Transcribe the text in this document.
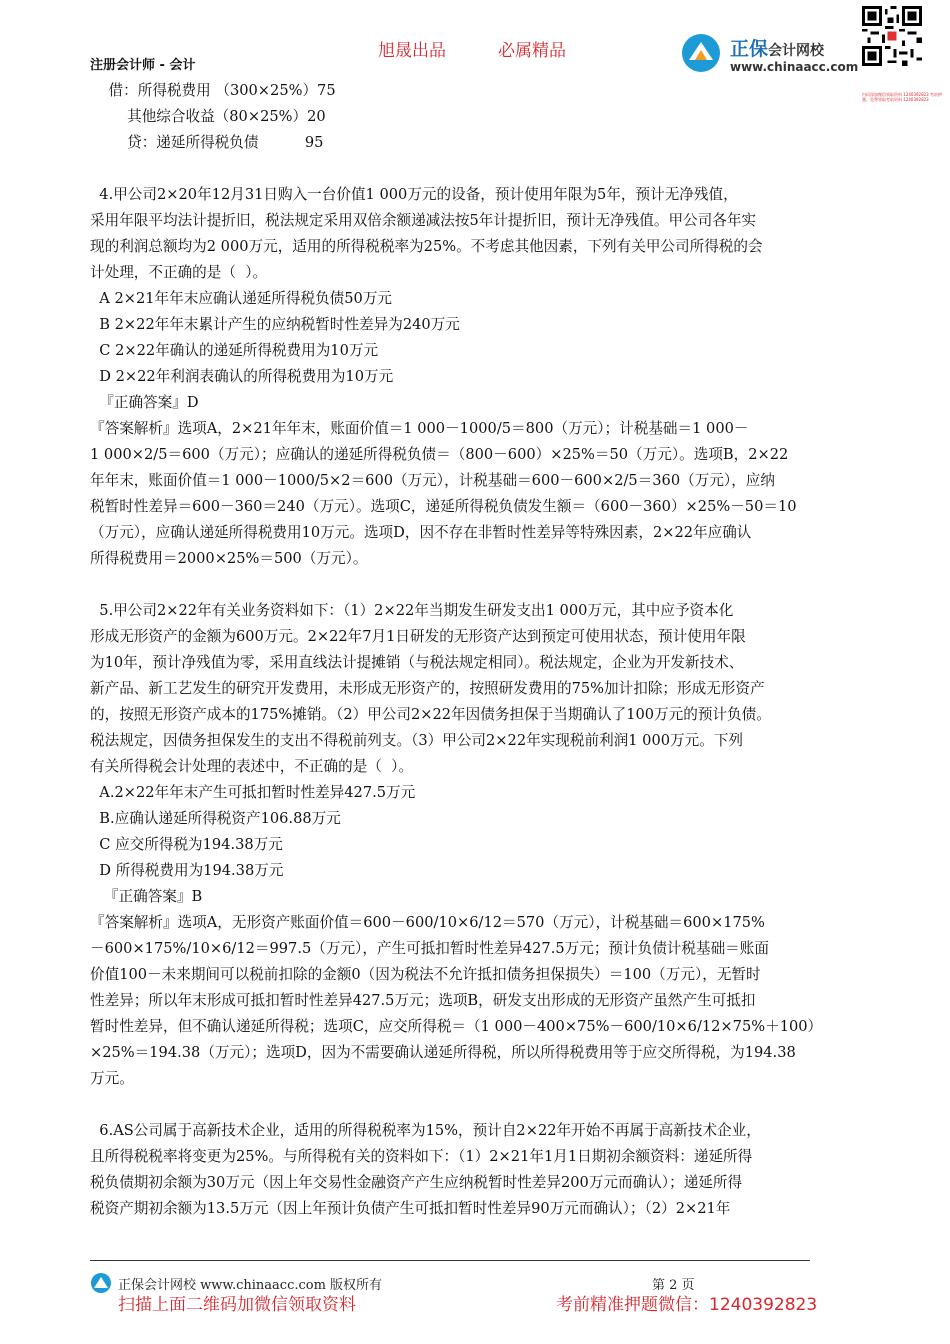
旭晟出品	必属精品
注册会计师 - 会计
正保会计网校
www.chinaacc.com
扫码添加微信领取资料 1240392823 考前押题，免费领取考前资料 1240392823
借：所得税费用 （300×25%）75
其他综合收益（80×25%）20
贷：递延所得税负债          95
4.甲公司2×20年12月31日购入一台价值1 000万元的设备，预计使用年限为5年，预计无净残值，
采用年限平均法计提折旧，税法规定采用双倍余额递减法按5年计提折旧，预计无净残值。甲公司各年实
现的利润总额均为2 000万元，适用的所得税税率为25%。不考虑其他因素，下列有关甲公司所得税的会
计处理，不正确的是（  ）。
A 2×21年年末应确认递延所得税负债50万元
B 2×22年年末累计产生的应纳税暂时性差异为240万元
C 2×22年确认的递延所得税费用为10万元
D 2×22年利润表确认的所得税费用为10万元
『正确答案』D
『答案解析』选项A，2×21年年末，账面价值＝1 000－1000/5＝800（万元）；计税基础＝1 000－
1 000×2/5＝600（万元）；应确认的递延所得税负债＝（800－600）×25%＝50（万元）。选项B，2×22
年年末，账面价值＝1 000－1000/5×2＝600（万元），计税基础＝600－600×2/5＝360（万元），应纳
税暂时性差异＝600－360＝240（万元）。选项C，递延所得税负债发生额＝（600－360）×25%－50＝10
（万元），应确认递延所得税费用10万元。选项D，因不存在非暂时性差异等特殊因素，2×22年应确认
所得税费用＝2000×25%＝500（万元）。
5.甲公司2×22年有关业务资料如下：（1）2×22年当期发生研发支出1 000万元，其中应予资本化
形成无形资产的金额为600万元。2×22年7月1日研发的无形资产达到预定可使用状态，预计使用年限
为10年，预计净残值为零，采用直线法计提摊销（与税法规定相同）。税法规定，企业为开发新技术、
新产品、新工艺发生的研究开发费用，未形成无形资产的，按照研发费用的75%加计扣除；形成无形资产
的，按照无形资产成本的175%摊销。（2）甲公司2×22年因债务担保于当期确认了100万元的预计负债。
税法规定，因债务担保发生的支出不得税前列支。（3）甲公司2×22年实现税前利润1 000万元。下列
有关所得税会计处理的表述中，不正确的是（  ）。
A.2×22年年末产生可抵扣暂时性差异427.5万元
B.应确认递延所得税资产106.88万元
C 应交所得税为194.38万元
D 所得税费用为194.38万元
『正确答案』B
『答案解析』选项A，无形资产账面价值＝600－600/10×6/12＝570（万元），计税基础＝600×175%
－600×175%/10×6/12＝997.5（万元），产生可抵扣暂时性差异427.5万元；预计负债计税基础＝账面
价值100－未来期间可以税前扣除的金额0（因为税法不允许抵扣债务担保损失）＝100（万元），无暂时
性差异；所以年末形成可抵扣暂时性差异427.5万元；选项B，研发支出形成的无形资产虽然产生可抵扣
暂时性差异，但不确认递延所得税；选项C，应交所得税＝（1 000－400×75%－600/10×6/12×75%＋100）
×25%＝194.38（万元）；选项D，因为不需要确认递延所得税，所以所得税费用等于应交所得税，为194.38
万元。
6.AS公司属于高新技术企业，适用的所得税税率为15%，预计自2×22年开始不再属于高新技术企业，
且所得税税率将变更为25%。与所得税有关的资料如下：（1）2×21年1月1日期初余额资料：递延所得
税负债期初余额为30万元（因上年交易性金融资产产生应纳税暂时性差异200万元而确认）；递延所得
税资产期初余额为13.5万元（因上年预计负债产生可抵扣暂时性差异90万元而确认）；（2）2×21年
正保会计网校 www.chinaacc.com 版权所有	第 2 页
扫描上面二维码加微信领取资料	考前精准押题微信：1240392823
